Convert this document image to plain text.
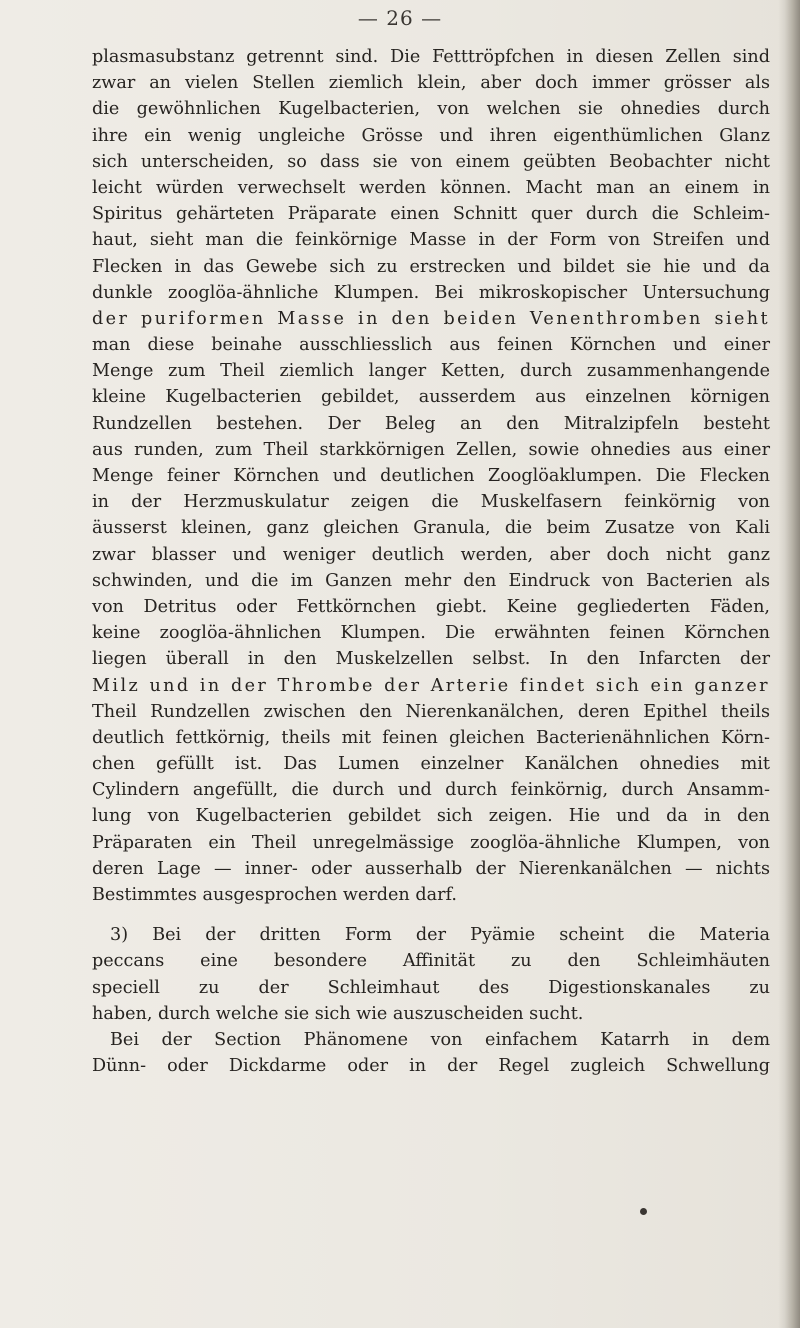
— 26 —
plasmasubstanz getrennt sind. Die Fetttröpfchen in diesen Zellen sind
zwar an vielen Stellen ziemlich klein, aber doch immer grösser als
die gewöhnlichen Kugelbacterien, von welchen sie ohnedies durch
ihre ein wenig ungleiche Grösse und ihren eigenthümlichen Glanz
sich unterscheiden, so dass sie von einem geübten Beobachter nicht
leicht würden verwechselt werden können. Macht man an einem in
Spiritus gehärteten Präparate einen Schnitt quer durch die Schleim-
haut, sieht man die feinkörnige Masse in der Form von Streifen und
Flecken in das Gewebe sich zu erstrecken und bildet sie hie und da
dunkle zooglöa-ähnliche Klumpen. Bei mikroskopischer Untersuchung
der puriformen Masse in den beiden Venenthromben sieht
man diese beinahe ausschliesslich aus feinen Körnchen und einer
Menge zum Theil ziemlich langer Ketten, durch zusammenhangende
kleine Kugelbacterien gebildet, ausserdem aus einzelnen körnigen
Rundzellen bestehen. Der Beleg an den Mitralzipfeln besteht
aus runden, zum Theil starkkörnigen Zellen, sowie ohnedies aus einer
Menge feiner Körnchen und deutlichen Zooglöaklumpen. Die Flecken
in der Herzmuskulatur zeigen die Muskelfasern feinkörnig von
äusserst kleinen, ganz gleichen Granula, die beim Zusatze von Kali
zwar blasser und weniger deutlich werden, aber doch nicht ganz
schwinden, und die im Ganzen mehr den Eindruck von Bacterien als
von Detritus oder Fettkörnchen giebt. Keine gegliederten Fäden,
keine zooglöa-ähnlichen Klumpen. Die erwähnten feinen Körnchen
liegen überall in den Muskelzellen selbst. In den Infarcten der
Milz und in der Thrombe der Arterie findet sich ein ganzer
Theil Rundzellen zwischen den Nierenkanälchen, deren Epithel theils
deutlich fettkörnig, theils mit feinen gleichen Bacterienähnlichen Körn-
chen gefüllt ist. Das Lumen einzelner Kanälchen ohnedies mit
Cylindern angefüllt, die durch und durch feinkörnig, durch Ansamm-
lung von Kugelbacterien gebildet sich zeigen. Hie und da in den
Präparaten ein Theil unregelmässige zooglöa-ähnliche Klumpen, von
deren Lage — inner- oder ausserhalb der Nierenkanälchen — nichts
Bestimmtes ausgesprochen werden darf.
3) Bei der dritten Form der Pyämie scheint die Materia
peccans eine besondere Affinität zu den Schleimhäuten
speciell zu der Schleimhaut des Digestionskanales zu
haben, durch welche sie sich wie auszuscheiden sucht.
Bei der Section Phänomene von einfachem Katarrh in dem
Dünn- oder Dickdarme oder in der Regel zugleich Schwellung
